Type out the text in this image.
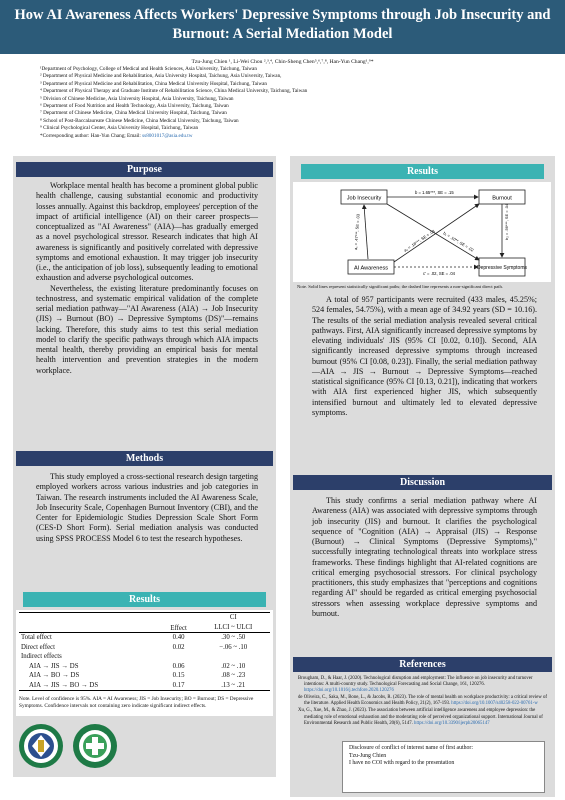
How AI Awareness Affects Workers' Depressive Symptoms through Job Insecurity and Burnout: A Serial Mediation Model
Tzu-Jung Chien ¹, Li-Wei Chou ²,³,⁴, Chin-Sheng Chen⁵,⁶,⁷,⁸, Han-Yun Chang¹,⁹*
¹Department of Psychology, College of Medical and Health Sciences, Asia University, Taichung, Taiwan
² Department of Physical Medicine and Rehabilitation, Asia University Hospital, Taichung, Asia University, Taiwan,
³ Department of Physical Medicine and Rehabilitation, China Medical University Hospital, Taichung, Taiwan
⁴ Department of Physical Therapy and Graduate Institute of Rehabilitation Science, China Medical University, Taichung, Taiwan
⁵ Division of Chinese Medicine, Asia University Hospital, Asia University, Taichung, Taiwan
⁶ Department of Food Nutrition and Health Technology, Asia University, Taichung, Taiwan
⁷ Department of Chinese Medicine, China Medical University Hospital, Taichung, Taiwan
⁸ School of Post-Baccalaureate Chinese Medicine, China Medical University, Taichung, Taiwan
⁹ Clinical Psychological Center, Asia University Hospital, Taichung, Taiwan
*Corresponding author: Han-Yun Chang; Email: ss8001017@asia.edu.tw
Purpose

Workplace mental health has become a prominent global public health challenge, causing substantial economic and productivity losses annually. Against this backdrop, employees' perception of the impact of artificial intelligence (AI) on their career prospects—conceptualized as "AI Awareness" (AIA)—has gradually emerged as a novel psychological stressor. Research indicates that high AI awareness is significantly and positively correlated with depressive symptoms and emotional exhaustion. It may trigger job insecurity (i.e., the anticipation of job loss), subsequently leading to emotional exhaustion and adverse psychological outcomes.

Nevertheless, the existing literature predominantly focuses on technostress, and systematic empirical validation of the complete serial mediation pathway—"AI Awareness (AIA) → Job Insecurity (JIS) → Burnout (BO) → Depressive Symptoms (DS)"—remains lacking. Therefore, this study aims to test this serial mediation model to clarify the specific pathways through which AIA impacts mental health, thereby providing an empirical basis for mental health intervention and prevention strategies in the modern workplace.

Methods

This study employed a cross-sectional research design targeting employed workers across various industries and job categories in Taiwan. The research instruments included the AI Awareness Scale, Job Insecurity Scale, Copenhagen Burnout Inventory (CBI), and the Center for Epidemiologic Studies Depression Scale Short Form (CES-D Short Form). Serial mediation analysis was conducted using SPSS PROCESS Model 6 to test the research hypotheses.

Results
	Effect	CI
		LLCI ~ ULCI
Total effect	0.40	.30 ~ .50
Direct effect	0.02	−.06 ~ .10
Indirect effects		
AIA → JIS → DS	0.06	.02 ~ .10
AIA → BO → DS	0.15	.08 ~ .23
AIA → JIS → BO → DS	0.17	.13 ~ .21
Note. Level of confidence is 95%. AIA = AI Awareness; JIS = Job Insecurity; BO = Burnout; DS = Depressive Symptoms. Confidence intervals not containing zero indicate significant indirect effects.
Results
Job Insecurity	Burnout
AI Awareness	Depressive Symptoms
b = 1.65***, SE = .15
a₁ = .47***, SE = .03	a₂ = .18***, SE = .03 b₁ = .10**, SE = .02
b₂ = .56***, SE = .04
c' = .02, SE = .04
Note. Solid lines represent statistically significant paths; the dashed line represents a non-significant direct path.

A total of 957 participants were recruited (433 males, 45.25%; 524 females, 54.75%), with a mean age of 34.92 years (SD = 10.16). The results of the serial mediation analysis revealed several critical pathways. First, AIA significantly increased depressive symptoms by elevating individuals' JIS (95% CI [0.02, 0.10]). Second, AIA significantly increased depressive symptoms through increased burnout (95% CI [0.08, 0.23]). Finally, the serial mediation pathway—AIA → JIS → Burnout → Depressive Symptoms—reached statistical significance (95% CI [0.13, 0.21]), indicating that workers with AIA first experienced higher JIS, which subsequently intensified burnout and ultimately led to elevated depressive symptoms.

Discussion

This study confirms a serial mediation pathway where AI Awareness (AIA) was associated with depressive symptoms through job insecurity (JIS) and burnout. It clarifies the psychological sequence of "Cognition (AIA) → Appraisal (JIS) → Response (Burnout) → Clinical Symptoms (Depressive Symptoms)," successfully integrating technological threats into workplace stress frameworks. These findings highlight that AI-related cognitions are critical emerging psychosocial stressors. For clinical psychology practitioners, this study emphasizes that "perceptions and cognitions regarding AI" should be regarded as critical emerging psychosocial stressors when assessing workplace depressive symptoms and burnout.

References
Brougham, D., & Haar, J. (2020). Technological disruption and employment: The influence on job insecurity and turnover intentions: A multi-country study. Technological Forecasting and Social Change, 161, 120276. https://doi.org/10.1016/j.techfore.2020.120276
de Oliveira, C., Saka, M., Bone, L., & Jacobs, R. (2023). The role of mental health on workplace productivity: a critical review of the literature. Applied Health Economics and Health Policy, 21(2), 167-193. https://doi.org/10.1007/s40258-022-00761-w
Xu, G., Xue, M., & Zhao, J. (2023). The association between artificial intelligence awareness and employee depression: the mediating role of emotional exhaustion and the moderating role of perceived organizational support. International Journal of Environmental Research and Public Health, 20(6), 5147. https://doi.org/10.3390/ijerph20065147
Disclosure of conflict of interest name of first author:
Tzu-Jung Chien
I have no COI with regard to the presentation
